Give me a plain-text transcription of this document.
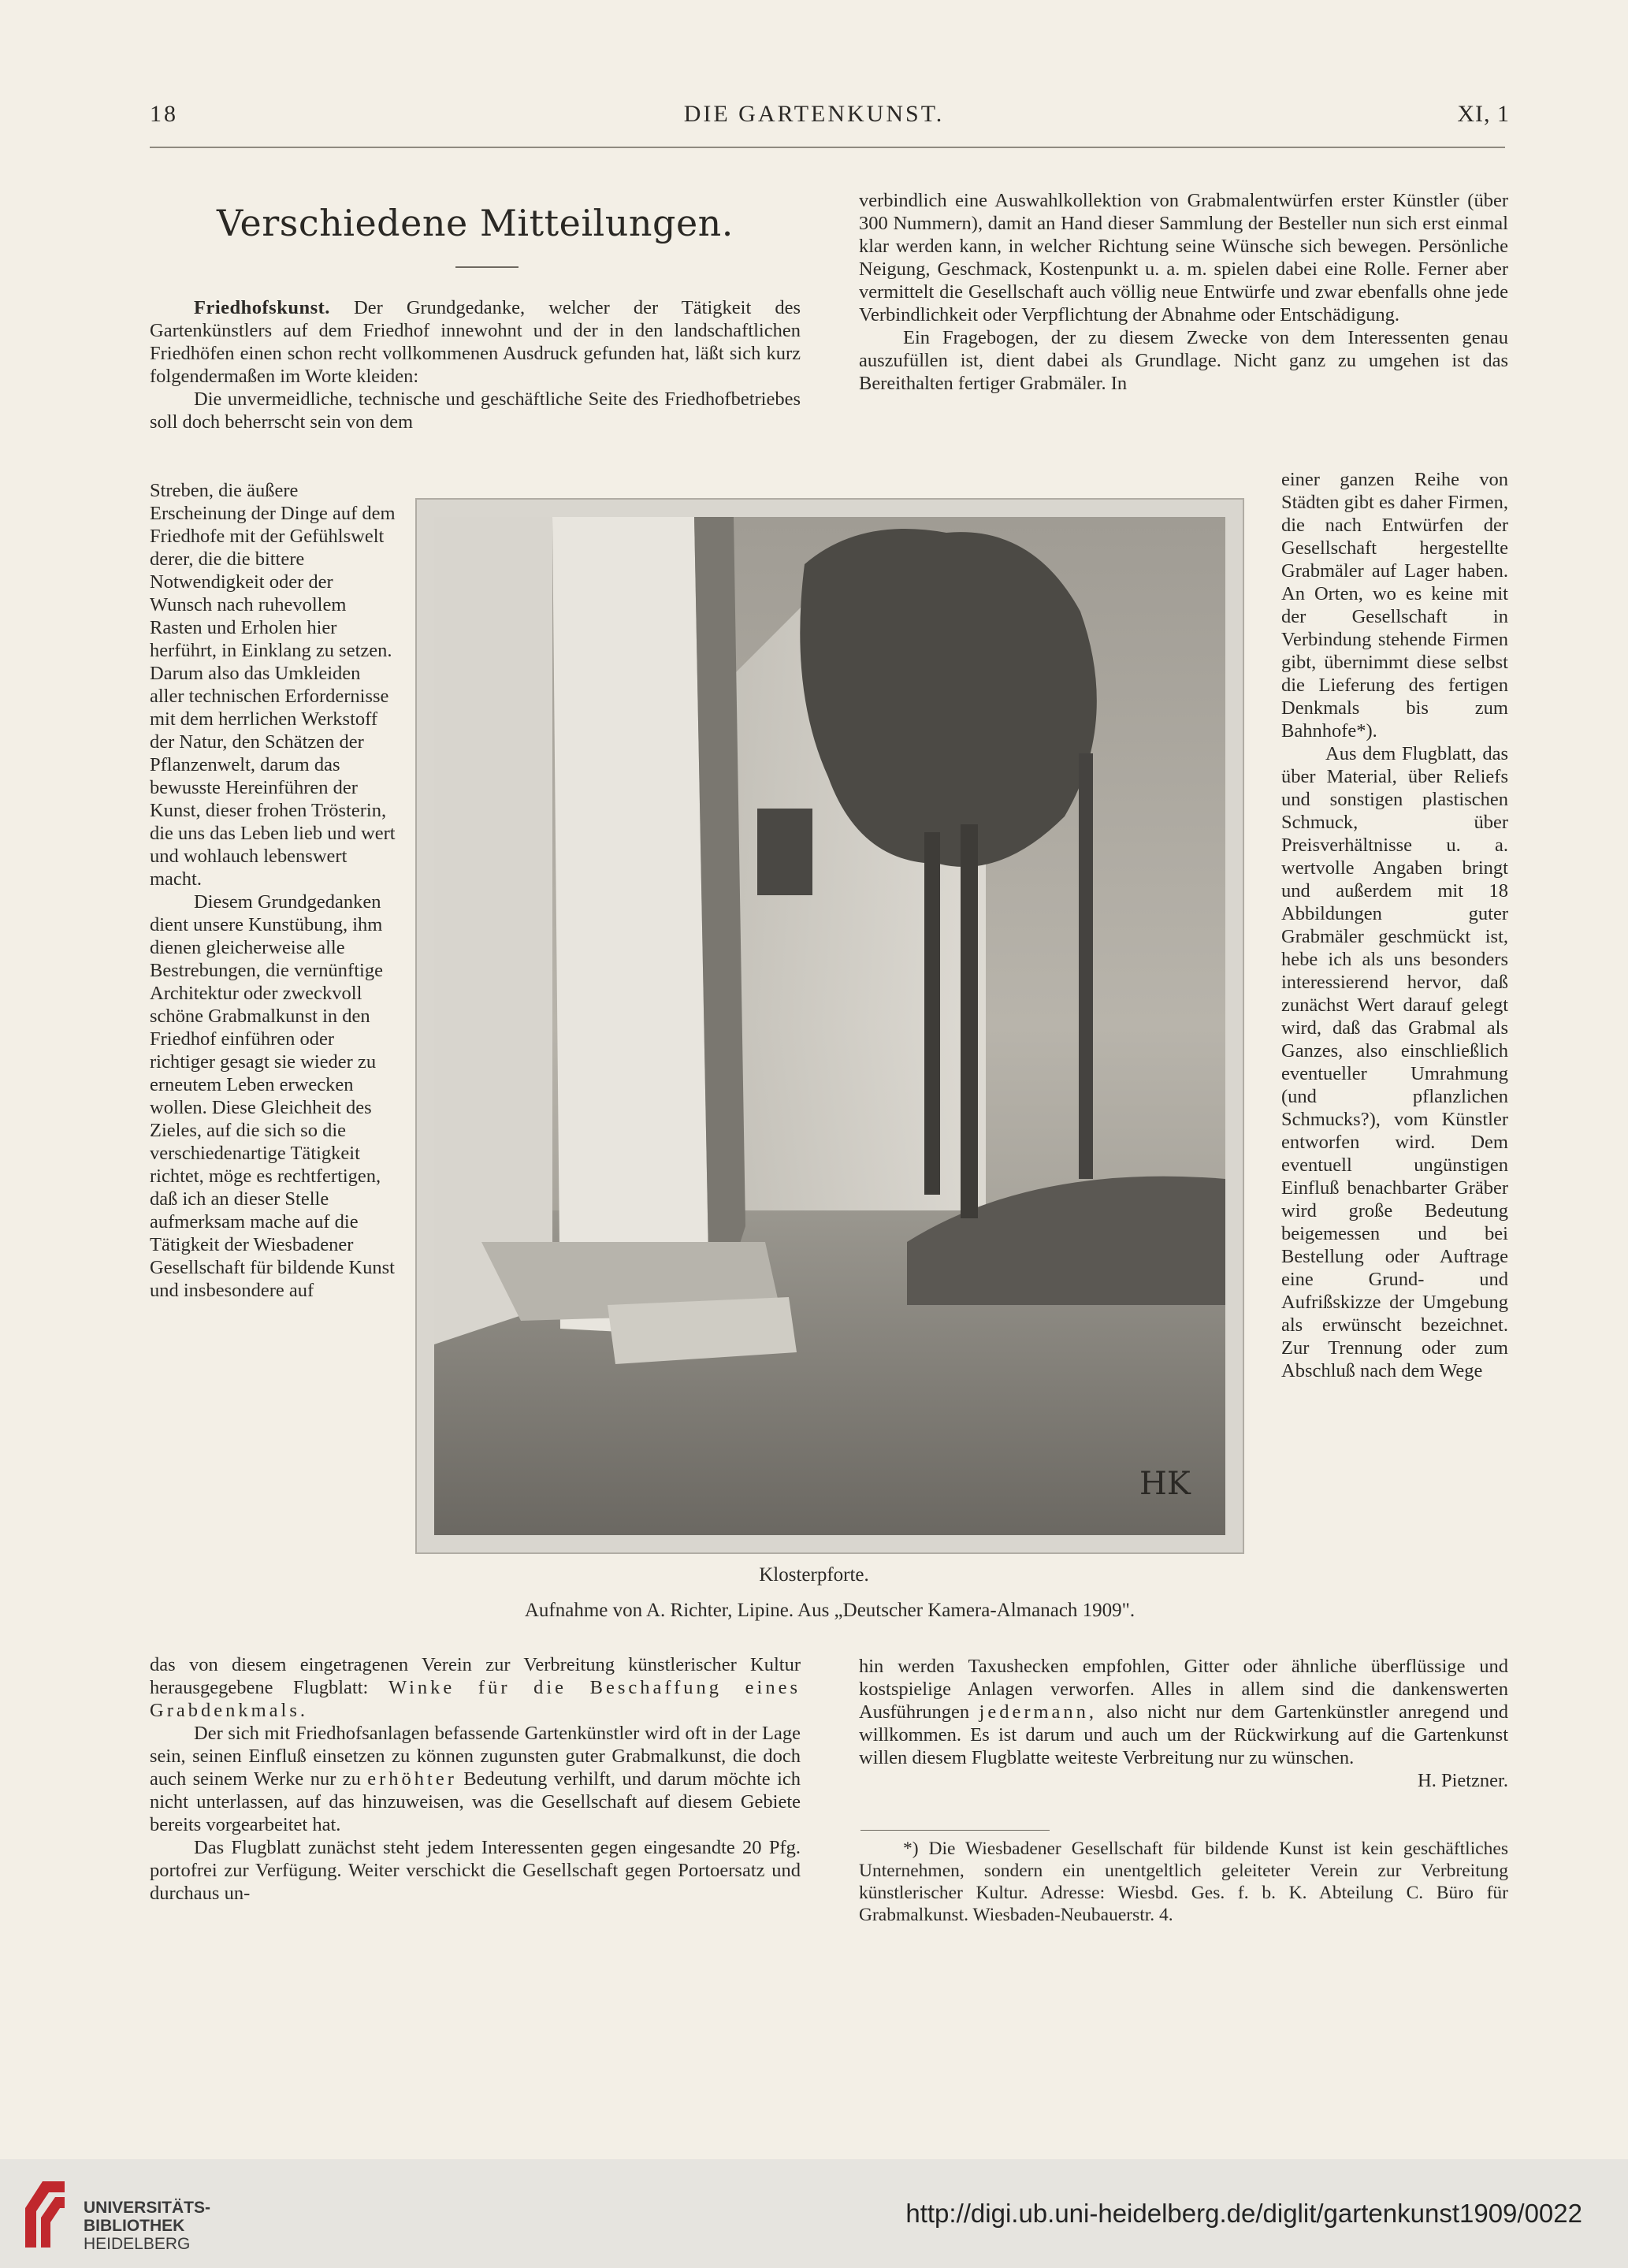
18	DIE GARTENKUNST.	XI, 1
Verschiedene Mitteilungen.

Friedhofskunst. Der Grundgedanke, welcher der Tätigkeit des Gartenkünstlers auf dem Friedhof innewohnt und der in den landschaftlichen Friedhöfen einen schon recht vollkommenen Ausdruck gefunden hat, läßt sich kurz folgendermaßen im Worte kleiden:

Die unvermeidliche, technische und geschäftliche Seite des Friedhofbetriebes soll doch beherrscht sein von dem

Streben, die äußere Erscheinung der Dinge auf dem Friedhofe mit der Gefühlswelt derer, die die bittere Notwendigkeit oder der Wunsch nach ruhevollem Rasten und Erholen hier herführt, in Einklang zu setzen. Darum also das Umkleiden aller technischen Erfordernisse mit dem herrlichen Werkstoff der Natur, den Schätzen der Pflanzenwelt, darum das bewusste Hereinführen der Kunst, dieser frohen Trösterin, die uns das Leben lieb und wert und wohlauch lebenswert macht.

Diesem Grundgedanken dient unsere Kunstübung, ihm dienen gleicherweise alle Bestrebungen, die vernünftige Architektur oder zweckvoll schöne Grabmalkunst in den Friedhof einführen oder richtiger gesagt sie wieder zu erneutem Leben erwecken wollen. Diese Gleichheit des Zieles, auf die sich so die verschiedenartige Tätigkeit richtet, möge es rechtfertigen, daß ich an dieser Stelle aufmerksam mache auf die Tätigkeit der Wiesbadener Gesellschaft für bildende Kunst und insbesondere auf

das von diesem eingetragenen Verein zur Verbreitung künstlerischer Kultur herausgegebene Flugblatt: Winke für die Beschaffung eines Grabdenkmals.

Der sich mit Friedhofsanlagen befassende Gartenkünstler wird oft in der Lage sein, seinen Einfluß einsetzen zu können zugunsten guter Grabmalkunst, die doch auch seinem Werke nur zu erhöhter Bedeutung verhilft, und darum möchte ich nicht unterlassen, auf das hinzuweisen, was die Gesellschaft auf diesem Gebiete bereits vorgearbeitet hat.

Das Flugblatt zunächst steht jedem Interessenten gegen eingesandte 20 Pfg. portofrei zur Verfügung. Weiter verschickt die Gesellschaft gegen Portoersatz und durchaus un-

verbindlich eine Auswahlkollektion von Grabmalentwürfen erster Künstler (über 300 Nummern), damit an Hand dieser Sammlung der Besteller nun sich erst einmal klar werden kann, in welcher Richtung seine Wünsche sich bewegen. Persönliche Neigung, Geschmack, Kostenpunkt u. a. m. spielen dabei eine Rolle. Ferner aber vermittelt die Gesellschaft auch völlig neue Entwürfe und zwar ebenfalls ohne jede Verbindlichkeit oder Verpflichtung der Abnahme oder Entschädigung.

Ein Fragebogen, der zu diesem Zwecke von dem Interessenten genau auszufüllen ist, dient dabei als Grundlage. Nicht ganz zu umgehen ist das Bereithalten fertiger Grabmäler. In

einer ganzen Reihe von Städten gibt es daher Firmen, die nach Entwürfen der Gesellschaft hergestellte Grabmäler auf Lager haben. An Orten, wo es keine mit der Gesellschaft in Verbindung stehende Firmen gibt, übernimmt diese selbst die Lieferung des fertigen Denkmals bis zum Bahnhofe*).

Aus dem Flugblatt, das über Material, über Reliefs und sonstigen plastischen Schmuck, über Preisverhältnisse u. a. wertvolle Angaben bringt und außerdem mit 18 Abbildungen guter Grabmäler geschmückt ist, hebe ich als uns besonders interessierend hervor, daß zunächst Wert darauf gelegt wird, daß das Grabmal als Ganzes, also einschließlich eventueller Umrahmung (und pflanzlichen Schmucks?), vom Künstler entworfen wird. Dem eventuell ungünstigen Einfluß benachbarter Gräber wird große Bedeutung beigemessen und bei Bestellung oder Auftrage eine Grund- und Aufrißskizze der Umgebung als erwünscht bezeichnet. Zur Trennung oder zum Abschluß nach dem Wege

hin werden Taxushecken empfohlen, Gitter oder ähnliche überflüssige und kostspielige Anlagen verworfen. Alles in allem sind die dankenswerten Ausführungen jedermann, also nicht nur dem Gartenkünstler anregend und willkommen. Es ist darum und auch um der Rückwirkung auf die Gartenkunst willen diesem Flugblatte weiteste Verbreitung nur zu wünschen.

H. Pietzner.

*) Die Wiesbadener Gesellschaft für bildende Kunst ist kein geschäftliches Unternehmen, sondern ein unentgeltlich geleiteter Verein zur Verbreitung künstlerischer Kultur. Adresse: Wiesbd. Ges. f. b. K. Abteilung C. Büro für Grabmalkunst. Wiesbaden-Neubauerstr. 4.

HK
Klosterpforte.
Aufnahme von A. Richter, Lipine. Aus „Deutscher Kamera-Almanach 1909".
UNIVERSITÄTS-
BIBLIOTHEK
HEIDELBERG
http://digi.ub.uni-heidelberg.de/diglit/gartenkunst1909/0022
